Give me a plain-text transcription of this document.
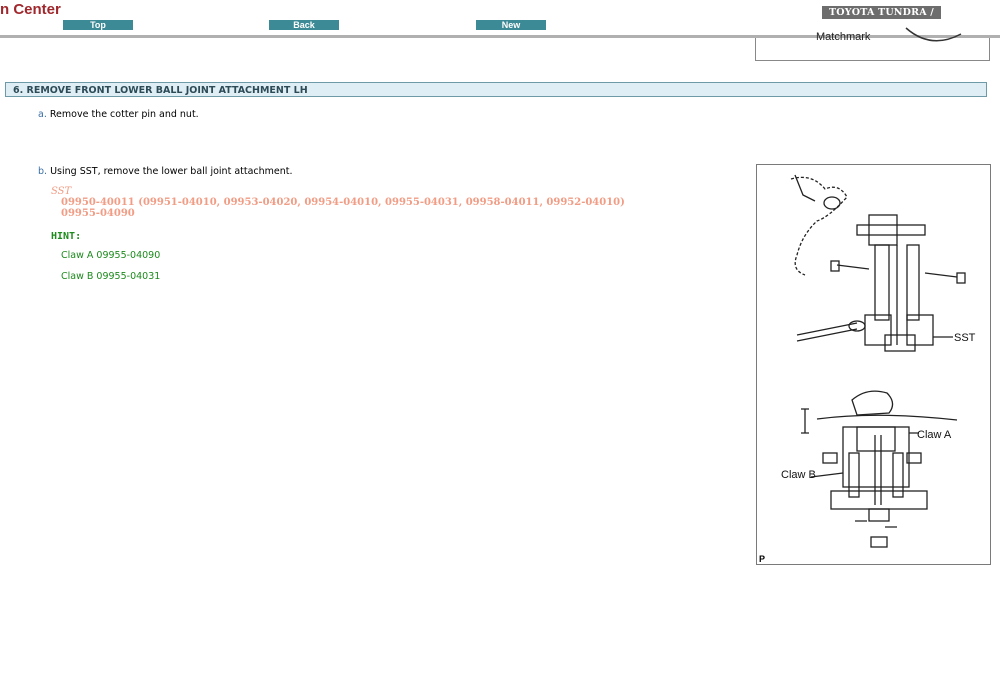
n Center
Top	Back	New
TOYOTA TUNDRA /
Matchmark
6. REMOVE FRONT LOWER BALL JOINT ATTACHMENT LH
a. Remove the cotter pin and nut.
b. Using SST, remove the lower ball joint attachment.
SST
09950-40011 (09951-04010, 09953-04020, 09954-04010, 09955-04031, 09958-04011, 09952-04010)
09955-04090
HINT:
Claw A 09955-04090
Claw B 09955-04031
SST
Claw A
Claw B
P
